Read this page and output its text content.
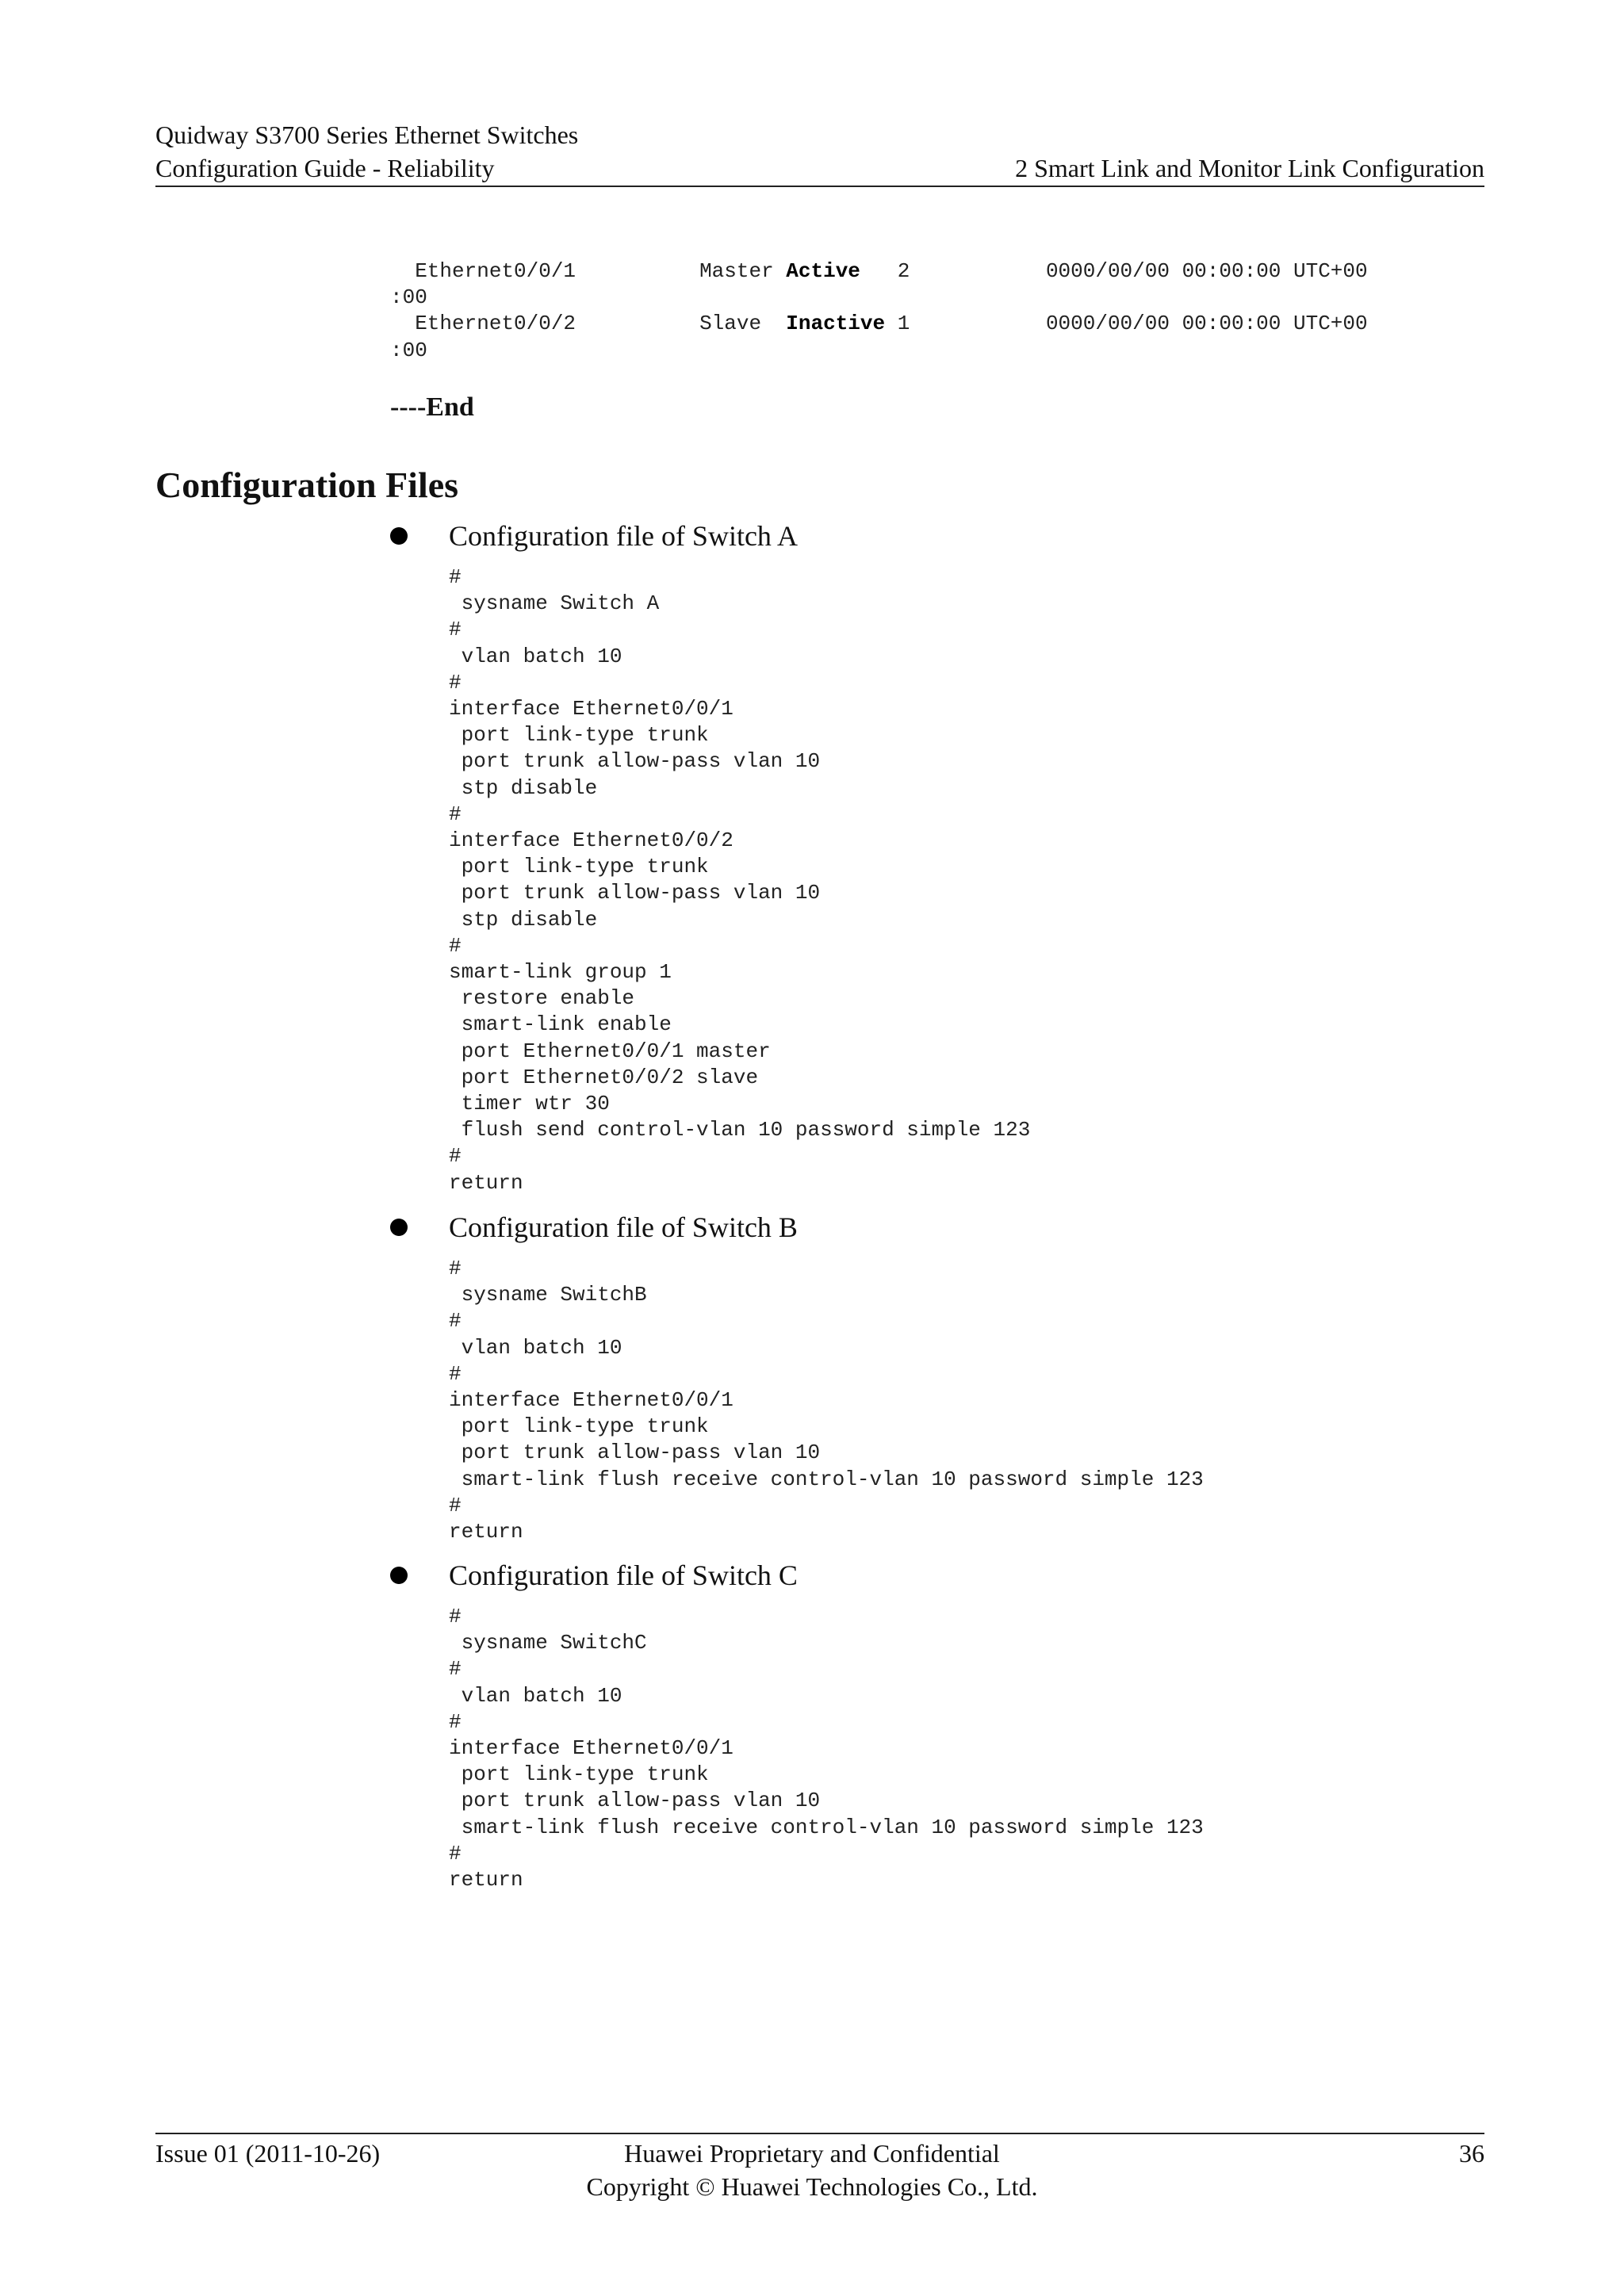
Quidway S3700 Series Ethernet Switches
Configuration Guide - Reliability	2 Smart Link and Monitor Link Configuration
Ethernet0/0/1          Master Active   2           0000/00/00 00:00:00 UTC+00
:00
Ethernet0/0/2          Slave  Inactive 1           0000/00/00 00:00:00 UTC+00
:00
----End
Configuration Files
Configuration file of Switch A
#
sysname Switch A
#
vlan batch 10
#
interface Ethernet0/0/1
port link-type trunk
port trunk allow-pass vlan 10
stp disable
#
interface Ethernet0/0/2
port link-type trunk
port trunk allow-pass vlan 10
stp disable
#
smart-link group 1
restore enable
smart-link enable
port Ethernet0/0/1 master
port Ethernet0/0/2 slave
timer wtr 30
flush send control-vlan 10 password simple 123
#
return
Configuration file of Switch B
#
sysname SwitchB
#
vlan batch 10
#
interface Ethernet0/0/1
port link-type trunk
port trunk allow-pass vlan 10
smart-link flush receive control-vlan 10 password simple 123
#
return
Configuration file of Switch C
#
sysname SwitchC
#
vlan batch 10
#
interface Ethernet0/0/1
port link-type trunk
port trunk allow-pass vlan 10
smart-link flush receive control-vlan 10 password simple 123
#
return
Issue 01 (2011-10-26)	Huawei Proprietary and Confidential
Copyright © Huawei Technologies Co., Ltd.
36
